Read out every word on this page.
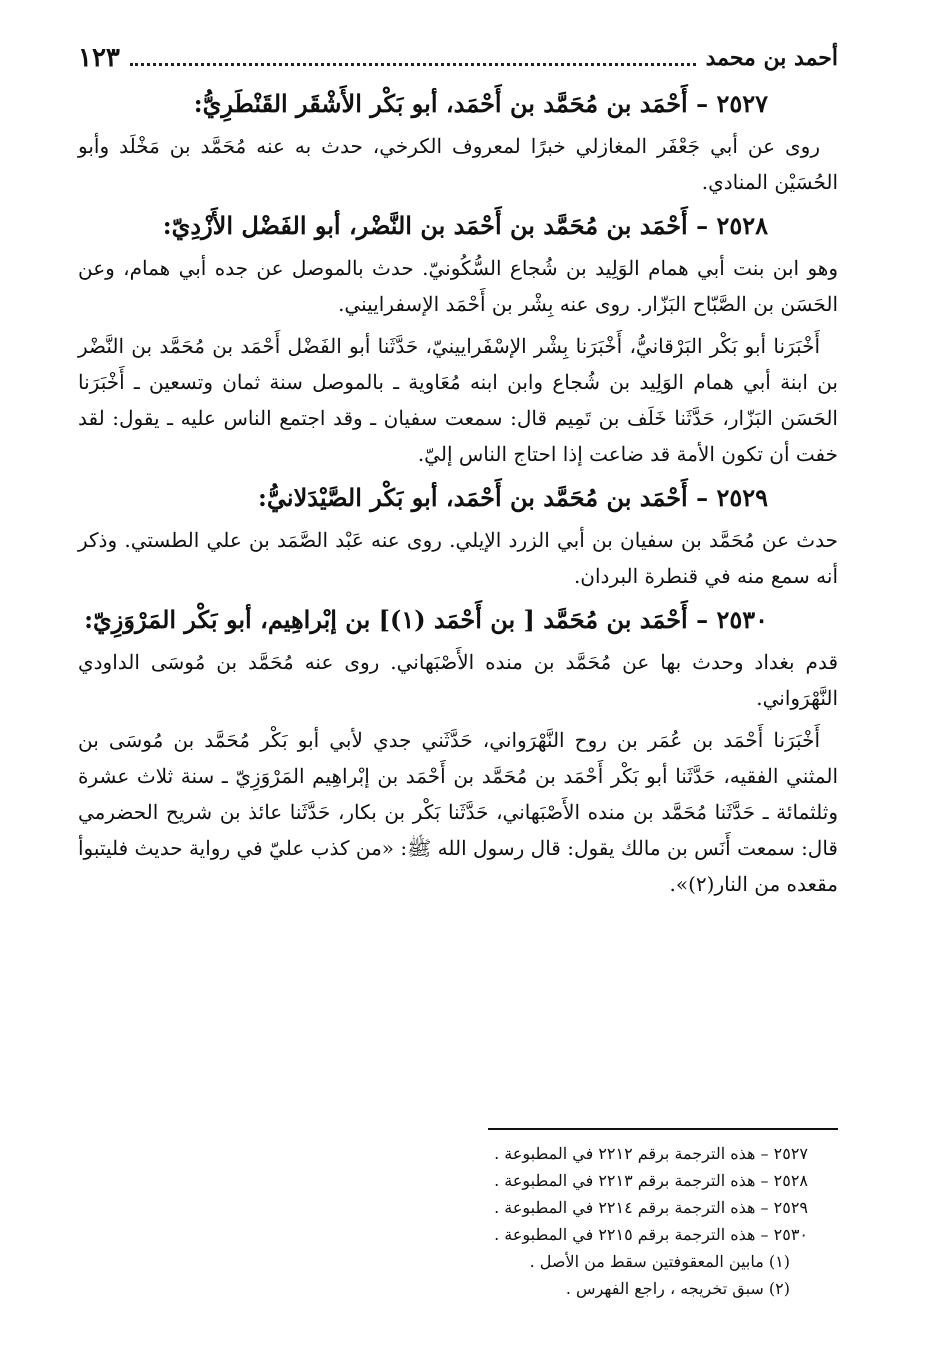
أحمد بن محمد
١٢٣
٢٥٢٧ – أَحْمَد بن مُحَمَّد بن أَحْمَد، أبو بَكْر الأَشْقَر القَنْطَرِيُّ:

روى عن أبي جَعْفَر المغازلي خبرًا لمعروف الكرخي، حدث به عنه مُحَمَّد بن مَخْلَد وأبو الحُسَيْن المنادي.

٢٥٢٨ – أَحْمَد بن مُحَمَّد بن أَحْمَد بن النَّضْر، أبو الفَضْل الأَزْدِيّ:

وهو ابن بنت أبي همام الوَلِيد بن شُجاع السُّكُونيّ. حدث بالموصل عن جده أبي همام، وعن الحَسَن بن الصَّبّاح البَزّار. روى عنه بِشْر بن أَحْمَد الإسفراييني.

أَخْبَرَنا أبو بَكْر البَرْقانيُّ، أَخْبَرَنا بِشْر الإسْفَرايينيّ، حَدَّثَنا أبو الفَضْل أَحْمَد بن مُحَمَّد بن النَّضْر بن ابنة أبي همام الوَلِيد بن شُجاع وابن ابنه مُعَاوية ـ بالموصل سنة ثمان وتسعين ـ أَخْبَرَنا الحَسَن البَزّار، حَدَّثَنا خَلَف بن تَمِيم قال: سمعت سفيان ـ وقد اجتمع الناس عليه ـ يقول: لقد خفت أن تكون الأمة قد ضاعت إذا احتاج الناس إليّ.

٢٥٢٩ – أَحْمَد بن مُحَمَّد بن أَحْمَد، أبو بَكْر الصَّيْدَلانيُّ:

حدث عن مُحَمَّد بن سفيان بن أبي الزرد الإيلي. روى عنه عَبْد الصَّمَد بن علي الطستي. وذكر أنه سمع منه في قنطرة البردان.

٢٥٣٠ – أَحْمَد بن مُحَمَّد [ بن أَحْمَد (١)] بن إبْراهِيم، أبو بَكْر المَرْوَزِيّ:

قدم بغداد وحدث بها عن مُحَمَّد بن منده الأَصْبَهاني. روى عنه مُحَمَّد بن مُوسَى الداودي النَّهْرَواني.

أَخْبَرَنا أَحْمَد بن عُمَر بن روح النَّهْرَواني، حَدَّثَني جدي لأبي أبو بَكْر مُحَمَّد بن مُوسَى بن المثني الفقيه، حَدَّثَنا أبو بَكْر أَحْمَد بن مُحَمَّد بن أَحْمَد بن إبْراهِيم المَرْوَزِيّ ـ سنة ثلاث عشرة وثلثمائة ـ حَدَّثَنا مُحَمَّد بن منده الأَصْبَهاني، حَدَّثَنا بَكْر بن بكار، حَدَّثَنا عائذ بن شريح الحضرمي قال: سمعت أَنَس بن مالك يقول: قال رسول الله ﷺ: «من كذب عليّ في رواية حديث فليتبوأ مقعده من النار(٢)».

٢٥٢٧ – هذه الترجمة برقم ٢٢١٢ في المطبوعة .
٢٥٢٨ – هذه الترجمة برقم ٢٢١٣ في المطبوعة .
٢٥٢٩ – هذه الترجمة برقم ٢٢١٤ في المطبوعة .
٢٥٣٠ – هذه الترجمة برقم ٢٢١٥ في المطبوعة .
(١) مابين المعقوفتين سقط من الأصل .
(٢) سبق تخريجه ، راجع الفهرس .
